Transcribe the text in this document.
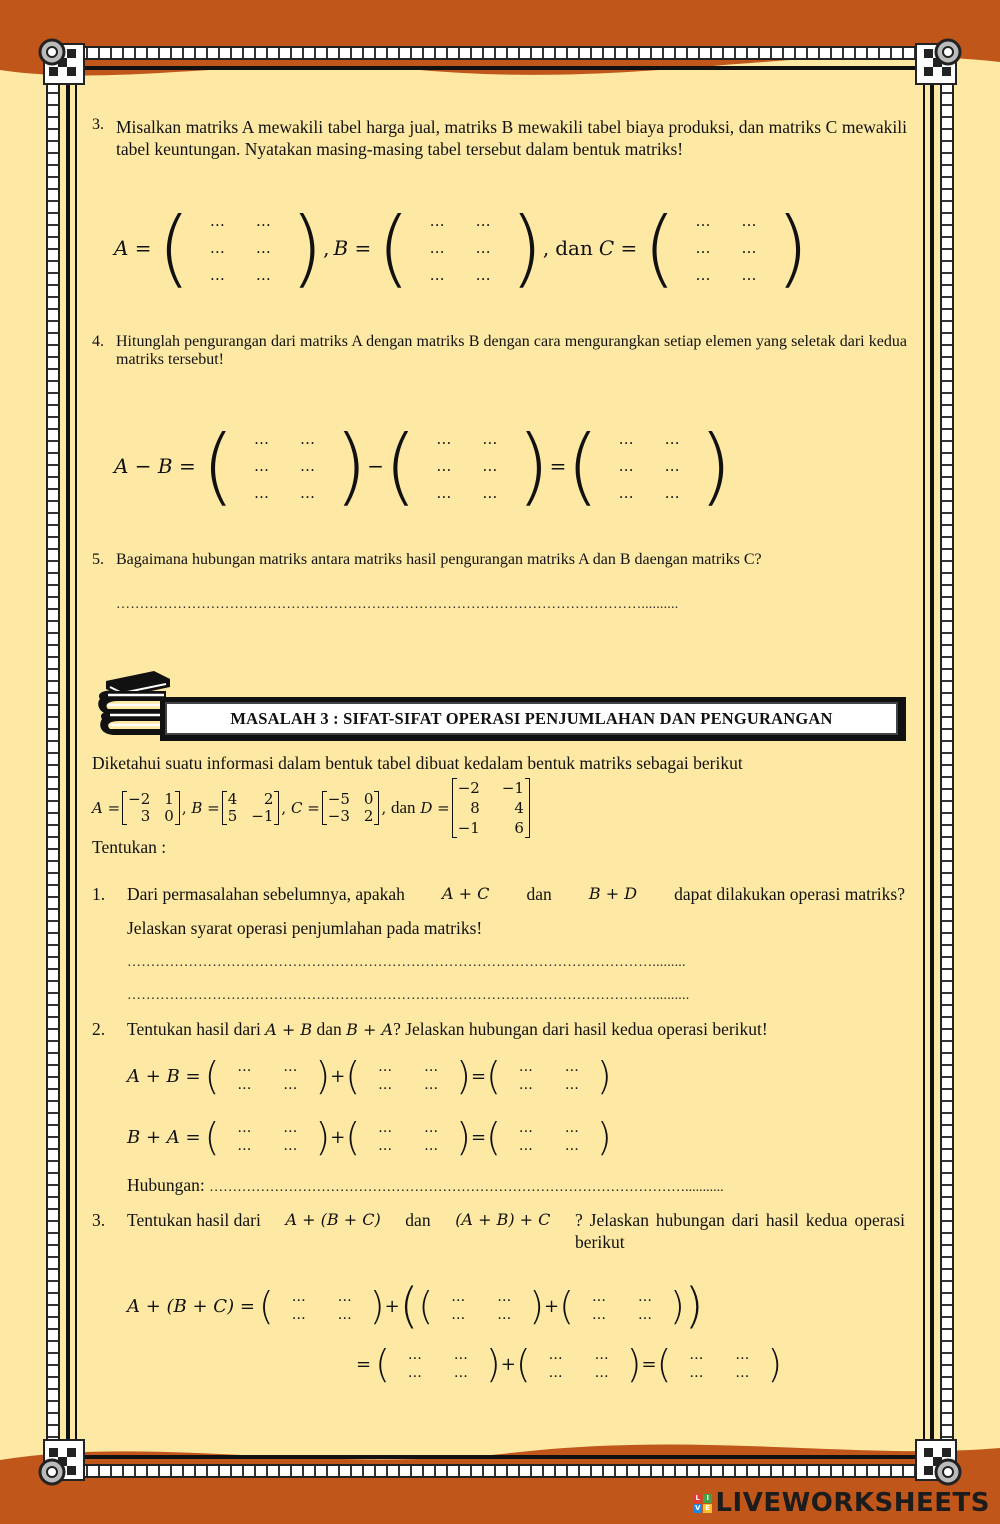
3. Misalkan matriks A mewakili tabel harga jual, matriks B mewakili tabel biaya produksi, dan matriks C mewakili tabel keuntungan. Nyatakan masing-masing tabel tersebut dalam bentuk matriks!
A = (	…	…
…	…
…	… ) , B = (	…	…
…	…
…	… ) , dan C = (	…	…
…	…
…	… )
4. Hitunglah pengurangan dari matriks A dengan matriks B dengan cara mengurangkan setiap elemen yang seletak dari kedua matriks tersebut!
A − B = (	…	…
…	…
…	… ) − (	…	…
…	…
…	… ) = (	…	…
…	…
…	… )
5. Bagaimana hubungan matriks antara matriks hasil pengurangan matriks A dan B daengan matriks C?
…………………………………………………………………………………………………..........
MASALAH 3 : SIFAT-SIFAT OPERASI PENJUMLAHAN DAN PENGURANGAN
Diketahui suatu informasi dalam bentuk tabel dibuat kedalam bentuk matriks sebagai berikut
A = −2 1
3 0 , B = 4	2
5 −1 , C = −5 0
−3 2 , dan
D =
−2 −1
8	4
−1	6
Tentukan :
1. Dari permasalahan sebelumnya, apakah A + C dan B + D dapat dilakukan operasi matriks?
Jelaskan syarat operasi penjumlahan pada matriks!
………………………………………………………………………………………………….........
…………………………………………………………………………………………………..........
2. Tentukan hasil dari A + B dan B + A? Jelaskan hubungan dari hasil kedua operasi berikut!
A + B = (	…	…
…	… ) + (	…	…
…	… ) = (	…	…
…	… )
B + A = (	…	…
…	… ) + (	…	…
…	… ) = (	…	…
…	… )
Hubungan: …………………………………………………………………………………………...........
3. Tentukan hasil dari A + (B + C) dan (A + B) + C ? Jelaskan hubungan dari hasil kedua operasi berikut
A + (B + C) = (	…	…
…	… ) + ( (	…	…
…	… ) + (	…	…
…	… ) )
= (	…	…
…	… ) + (	…	…
…	… ) = (	…	…
…	… )
L I
V E LIVEWORKSHEETS
